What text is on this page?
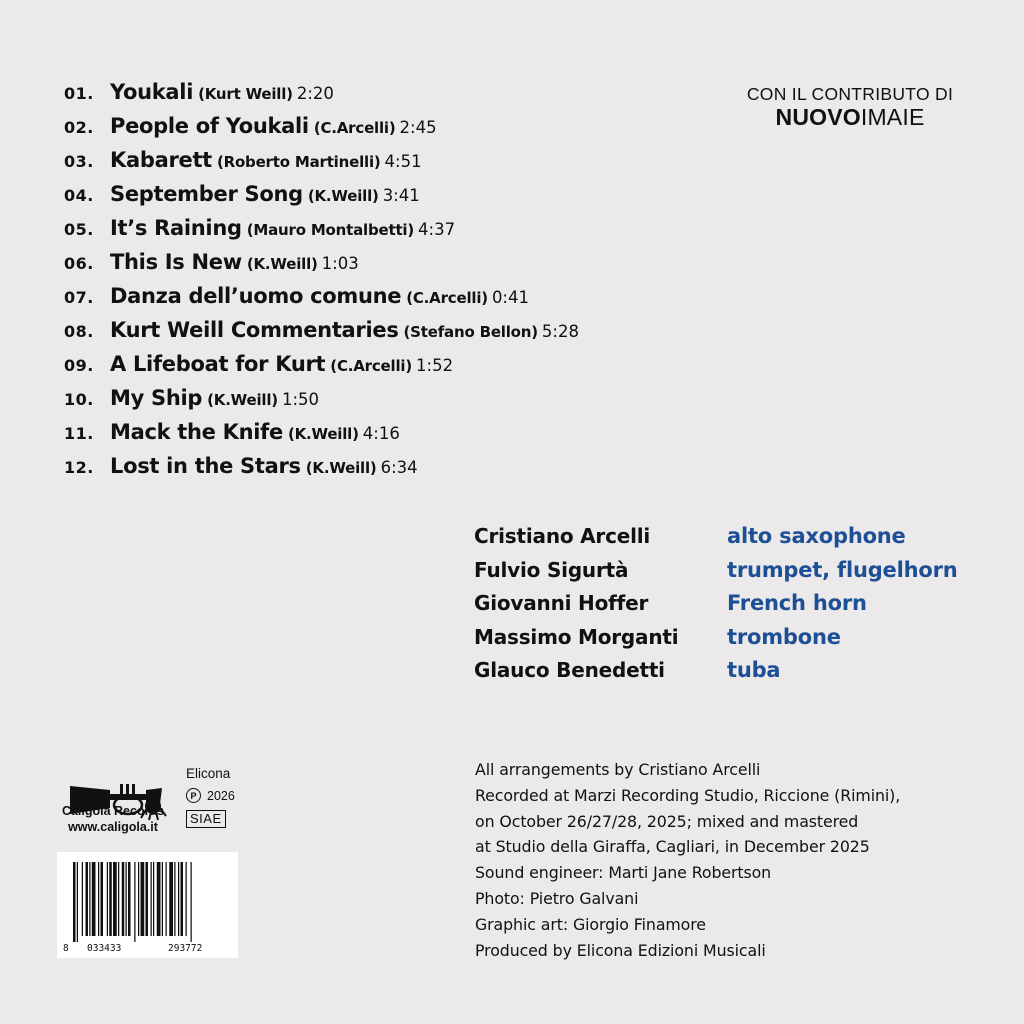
01. Youkali (Kurt Weill) 2:20
02. People of Youkali (C.Arcelli) 2:45
03. Kabarett (Roberto Martinelli) 4:51
04. September Song (K.Weill) 3:41
05. It’s Raining (Mauro Montalbetti) 4:37
06. This Is New (K.Weill) 1:03
07. Danza dell’uomo comune (C.Arcelli) 0:41
08. Kurt Weill Commentaries (Stefano Bellon) 5:28
09. A Lifeboat for Kurt (C.Arcelli) 1:52
10. My Ship (K.Weill) 1:50
11. Mack the Knife (K.Weill) 4:16
12. Lost in the Stars (K.Weill) 6:34
CON IL CONTRIBUTO DI
NUOVOIMAIE
Cristiano Arcelli	alto saxophone
Fulvio Sigurtà	trumpet, flugelhorn
Giovanni Hoffer	French horn
Massimo Morganti	trombone
Glauco Benedetti	tuba
All arrangements by Cristiano Arcelli
Recorded at Marzi Recording Studio, Riccione (Rimini),
on October 26/27/28, 2025; mixed and mastered
at Studio della Giraffa, Cagliari, in December 2025
Sound engineer: Marti Jane Robertson
Photo: Pietro Galvani
Graphic art: Giorgio Finamore
Produced by Elicona Edizioni Musicali
Caligola Records
www.caligola.it
Elicona
P 2026
SIAE
8 033433	293772
